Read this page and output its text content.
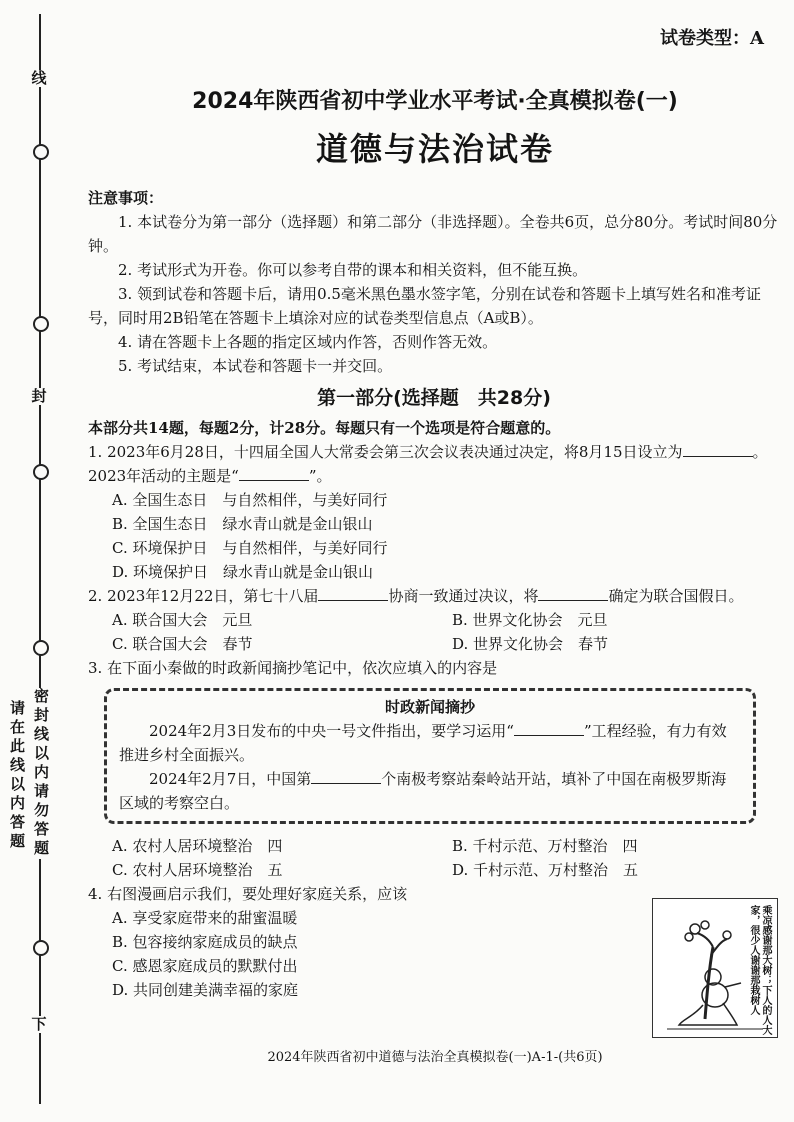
线
封
密封线以内请勿答题
下
请在此线以内答题
试卷类型：A
2024年陕西省初中学业水平考试·全真模拟卷(一)
道德与法治试卷

注意事项：

1. 本试卷分为第一部分（选择题）和第二部分（非选择题）。全卷共6页，总分80分。考试时间80分钟。

2. 考试形式为开卷。你可以参考自带的课本和相关资料，但不能互换。

3. 领到试卷和答题卡后，请用0.5毫米黑色墨水签字笔，分别在试卷和答题卡上填写姓名和准考证号，同时用2B铅笔在答题卡上填涂对应的试卷类型信息点（A或B）。

4. 请在答题卡上各题的指定区域内作答，否则作答无效。

5. 考试结束，本试卷和答题卡一并交回。

第一部分(选择题　共28分)

本部分共14题，每题2分，计28分。每题只有一个选项是符合题意的。

1. 2023年6月28日，十四届全国人大常委会第三次会议表决通过决定，将8月15日设立为	。2023年活动的主题是“	”。

A. 全国生态日　与自然相伴，与美好同行

B. 全国生态日　绿水青山就是金山银山

C. 环境保护日　与自然相伴，与美好同行

D. 环境保护日　绿水青山就是金山银山

2. 2023年12月22日，第七十八届	协商一致通过决议，将	确定为联合国假日。

A. 联合国大会　元旦	B. 世界文化协会　元旦
C. 联合国大会　春节	D. 世界文化协会　春节

3. 在下面小秦做的时政新闻摘抄笔记中，依次应填入的内容是

时政新闻摘抄

2024年2月3日发布的中央一号文件指出，要学习运用“	”工程经验，有力有效推进乡村全面振兴。

2024年2月7日，中国第	个南极考察站秦岭站开站，填补了中国在南极罗斯海区域的考察空白。

A. 农村人居环境整治　四	B. 千村示范、万村整治　四
C. 农村人居环境整治　五	D. 千村示范、万村整治　五

4. 右图漫画启示我们，要处理好家庭关系，应该

A. 享受家庭带来的甜蜜温暖

B. 包容接纳家庭成员的缺点

C. 感恩家庭成员的默默付出

D. 共同创建美满幸福的家庭	乘凉感谢那大树；下人的人大家，很少人谢谢那栽树人
2024年陕西省初中道德与法治全真模拟卷(一)A-1-(共6页)
